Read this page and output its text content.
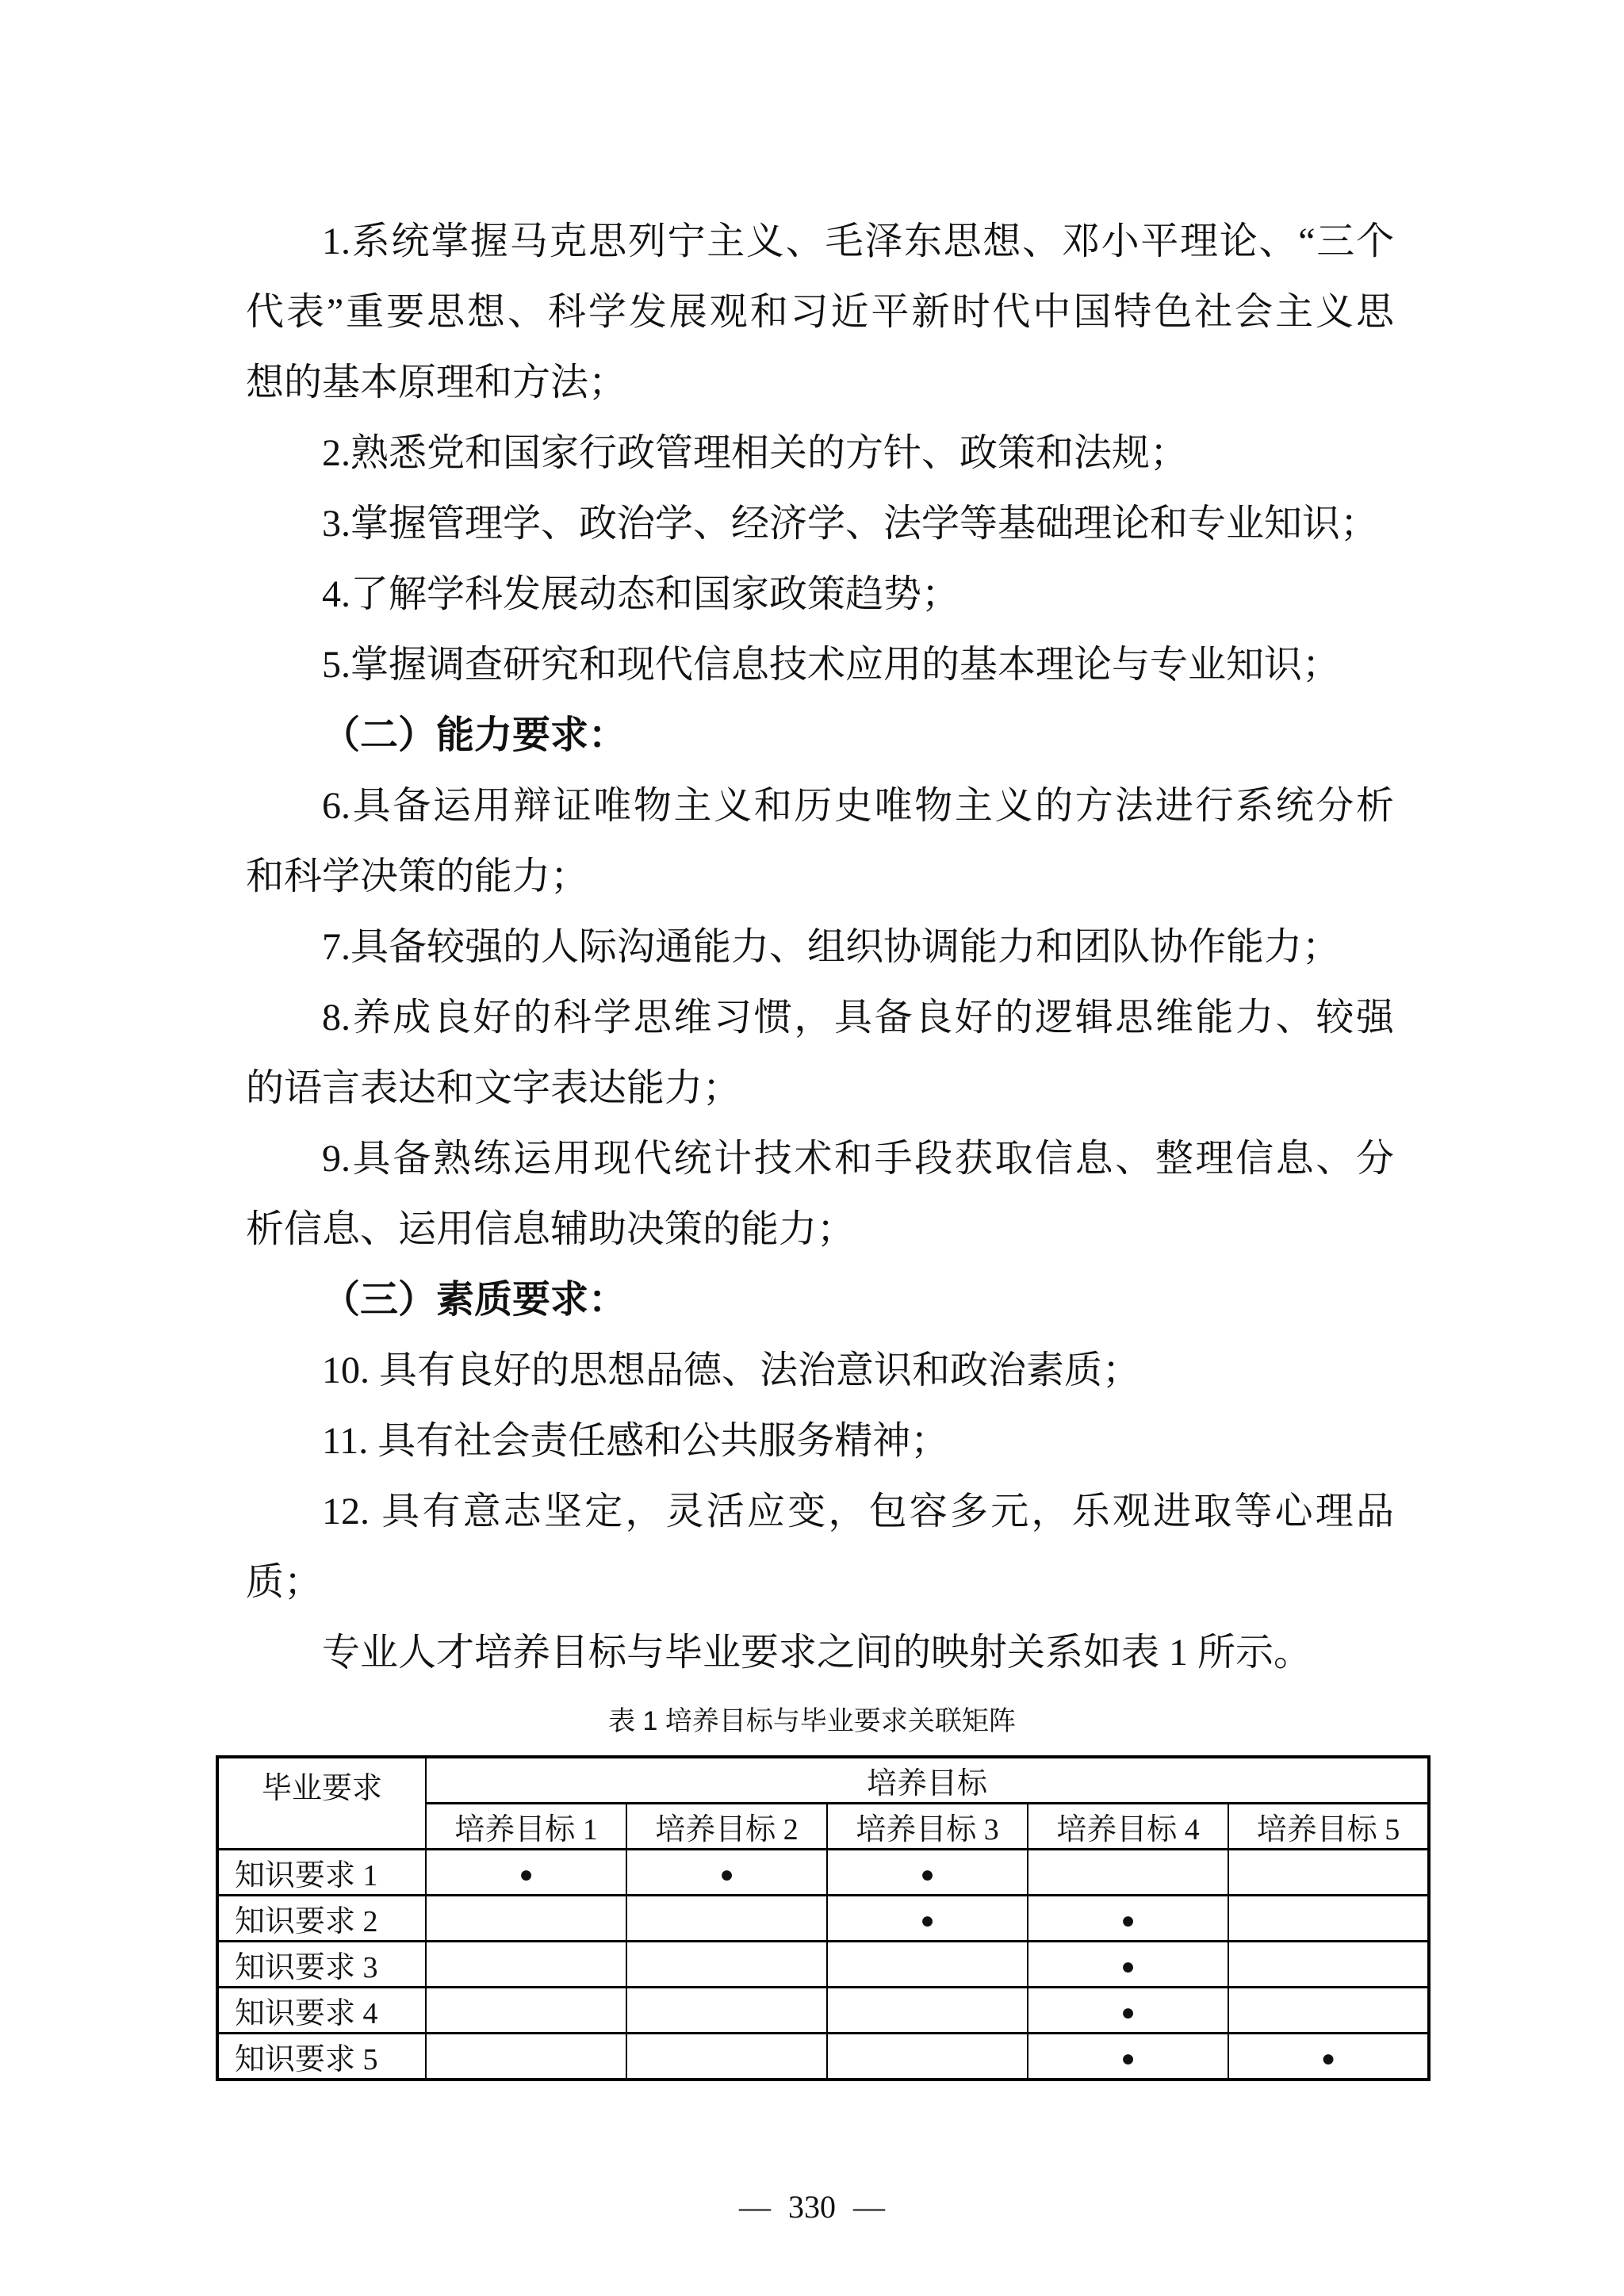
1.系统掌握马克思列宁主义、毛泽东思想、邓小平理论、“三个
代表”重要思想、科学发展观和习近平新时代中国特色社会主义思
想的基本原理和方法；
2.熟悉党和国家行政管理相关的方针、政策和法规；
3.掌握管理学、政治学、经济学、法学等基础理论和专业知识；
4.了解学科发展动态和国家政策趋势；
5.掌握调查研究和现代信息技术应用的基本理论与专业知识；
（二）能力要求：
6.具备运用辩证唯物主义和历史唯物主义的方法进行系统分析
和科学决策的能力；
7.具备较强的人际沟通能力、组织协调能力和团队协作能力；
8.养成良好的科学思维习惯，具备良好的逻辑思维能力、较强
的语言表达和文字表达能力；
9.具备熟练运用现代统计技术和手段获取信息、整理信息、分
析信息、运用信息辅助决策的能力；
（三）素质要求：
10. 具有良好的思想品德、法治意识和政治素质；
11. 具有社会责任感和公共服务精神；
12. 具有意志坚定，灵活应变，包容多元，乐观进取等心理品
质；
专业人才培养目标与毕业要求之间的映射关系如表 1 所示。
表 1 培养目标与毕业要求关联矩阵
毕业要求	培养目标				
	培养目标 1	培养目标 2	培养目标 3	培养目标 4	培养目标 5
知识要求 1	●	●	●		
知识要求 2			●	●	
知识要求 3				●	
知识要求 4				●	
知识要求 5				●	●
— 330 —
